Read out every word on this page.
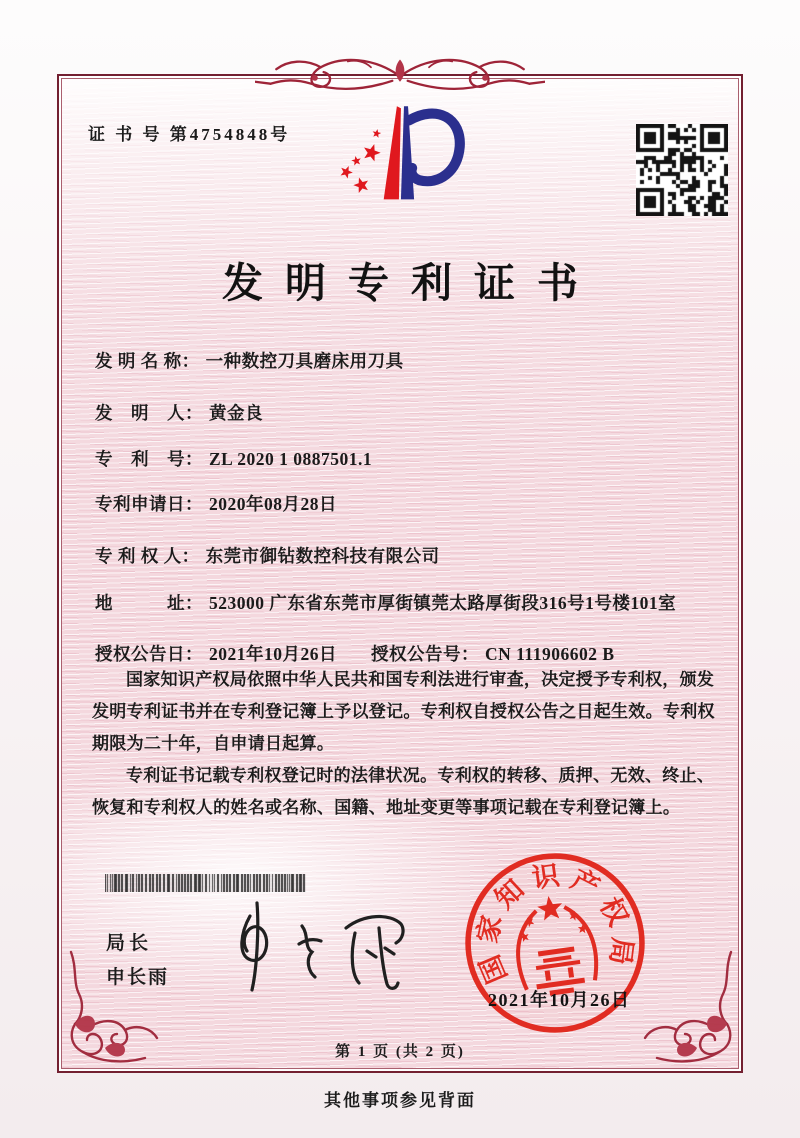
证 书 号 第4754848号
发明专利证书
发 明 名 称： 一种数控刀具磨床用刀具
发　明　人： 黄金良
专　利　号： ZL 2020 1 0887501.1
专利申请日： 2020年08月28日
专 利 权 人： 东莞市御钻数控科技有限公司
地　　　址： 523000 广东省东莞市厚街镇莞太路厚街段316号1号楼101室
授权公告日： 2021年10月26日 授权公告号： CN 111906602 B

国家知识产权局依照中华人民共和国专利法进行审查，决定授予专利权，颁发发明专利证书并在专利登记簿上予以登记。专利权自授权公告之日起生效。专利权期限为二十年，自申请日起算。

专利证书记载专利权登记时的法律状况。专利权的转移、质押、无效、终止、恢复和专利权人的姓名或名称、国籍、地址变更等事项记载在专利登记簿上。

局长
申长雨	国
家
知 识 产
权
局
2021年10月26日
第 1 页 (共 2 页)
其他事项参见背面
